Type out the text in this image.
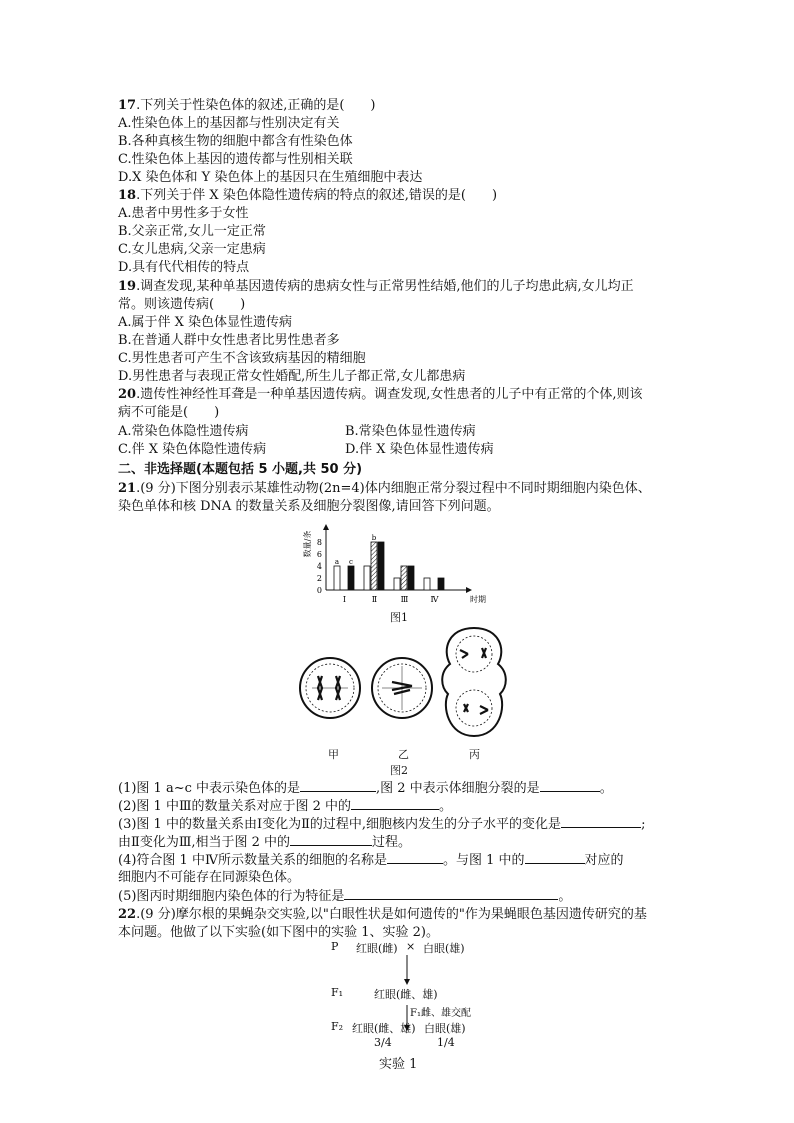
17.下列关于性染色体的叙述,正确的是(　　)
A.性染色体上的基因都与性别决定有关
B.各种真核生物的细胞中都含有性染色体
C.性染色体上基因的遗传都与性别相关联
D.X 染色体和 Y 染色体上的基因只在生殖细胞中表达
18.下列关于伴 X 染色体隐性遗传病的特点的叙述,错误的是(　　)
A.患者中男性多于女性
B.父亲正常,女儿一定正常
C.女儿患病,父亲一定患病
D.具有代代相传的特点
19.调查发现,某种单基因遗传病的患病女性与正常男性结婚,他们的儿子均患此病,女儿均正
常。则该遗传病(　　)
A.属于伴 X 染色体显性遗传病
B.在普通人群中女性患者比男性患者多
C.男性患者可产生不含该致病基因的精细胞
D.男性患者与表现正常女性婚配,所生儿子都正常,女儿都患病
20.遗传性神经性耳聋是一种单基因遗传病。调查发现,女性患者的儿子中有正常的个体,则该
病不可能是(　　)
A.常染色体隐性遗传病	B.常染色体显性遗传病
C.伴 X 染色体隐性遗传病	D.伴 X 染色体显性遗传病
二、非选择题(本题包括 5 小题,共 50 分)
21.(9 分)下图分别表示某雄性动物(2n=4)体内细胞正常分裂过程中不同时期细胞内染色体、
染色单体和核 DNA 的数量关系及细胞分裂图像,请回答下列问题。
数量/条
0
2
4
6
8
时期
Ⅰ	Ⅱ	Ⅲ	Ⅳ
a c
b
图1
甲	乙	丙
图2
(1)图 1 a~c 中表示染色体的是	,图 2 中表示体细胞分裂的是	。
(2)图 1 中Ⅲ的数量关系对应于图 2 中的	。
(3)图 1 中的数量关系由Ⅰ变化为Ⅱ的过程中,细胞核内发生的分子水平的变化是	;
由Ⅱ变化为Ⅲ,相当于图 2 中的	过程。
(4)符合图 1 中Ⅳ所示数量关系的细胞的名称是	。与图 1 中的	对应的
细胞内不可能存在同源染色体。
(5)图丙时期细胞内染色体的行为特征是	。
22.(9 分)摩尔根的果蝇杂交实验,以"白眼性状是如何遗传的"作为果蝇眼色基因遗传研究的基
本问题。他做了以下实验(如下图中的实验 1、实验 2)。
P 红眼(雌) × 白眼(雄)
F₁	红眼(雌、雄)
F₁雌、雄交配
F₂ 红眼(雌、雄) 白眼(雄)
3/4	1/4
实验 1
